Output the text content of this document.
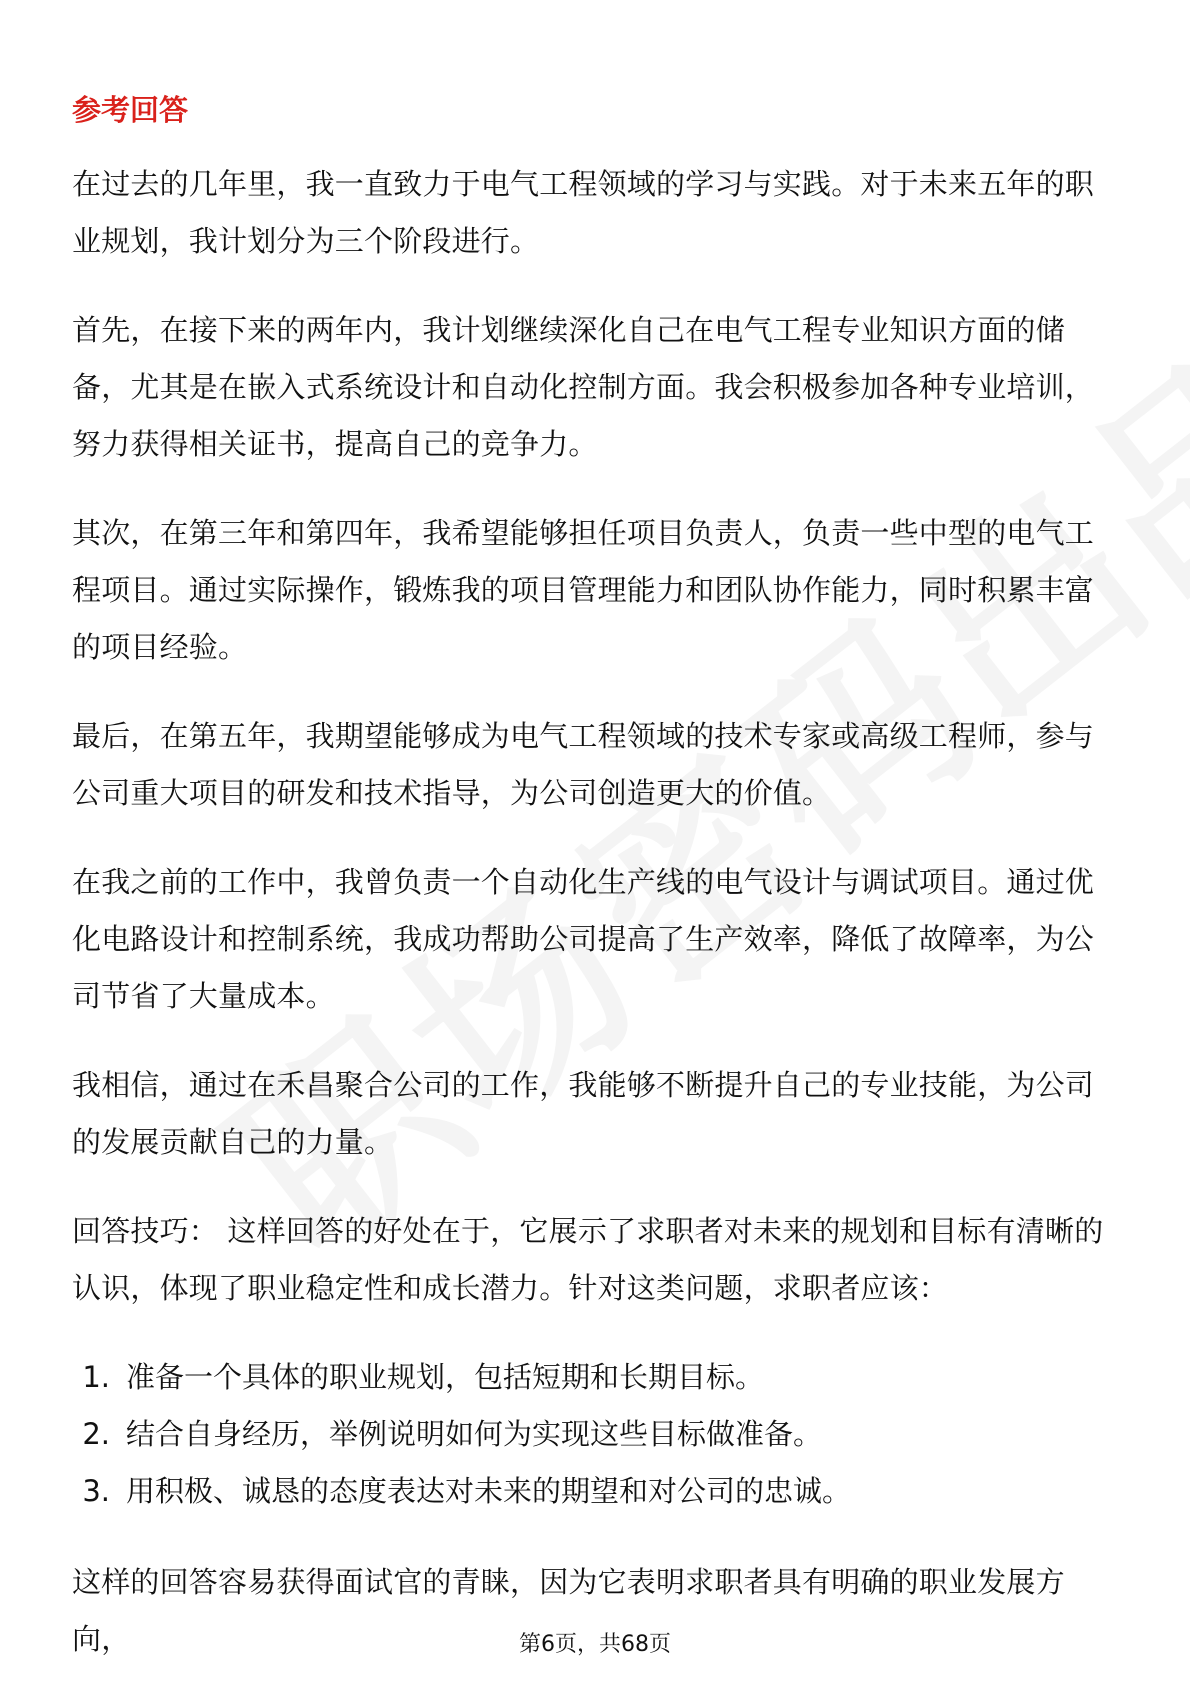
参考回答

在过去的几年里，我一直致力于电气工程领域的学习与实践。对于未来五年的职业规划，我计划分为三个阶段进行。

首先，在接下来的两年内，我计划继续深化自己在电气工程专业知识方面的储备，尤其是在嵌入式系统设计和自动化控制方面。我会积极参加各种专业培训，努力获得相关证书，提高自己的竞争力。

其次，在第三年和第四年，我希望能够担任项目负责人，负责一些中型的电气工程项目。通过实际操作，锻炼我的项目管理能力和团队协作能力，同时积累丰富的项目经验。

最后，在第五年，我期望能够成为电气工程领域的技术专家或高级工程师，参与公司重大项目的研发和技术指导，为公司创造更大的价值。

在我之前的工作中，我曾负责一个自动化生产线的电气设计与调试项目。通过优化电路设计和控制系统，我成功帮助公司提高了生产效率，降低了故障率，为公司节省了大量成本。

我相信，通过在禾昌聚合公司的工作，我能够不断提升自己的专业技能，为公司的发展贡献自己的力量。

回答技巧： 这样回答的好处在于，它展示了求职者对未来的规划和目标有清晰的认识，体现了职业稳定性和成长潜力。针对这类问题，求职者应该：

1. 准备一个具体的职业规划，包括短期和长期目标。
2. 结合自身经历，举例说明如何为实现这些目标做准备。
3. 用积极、诚恳的态度表达对未来的期望和对公司的忠诚。

这样的回答容易获得面试官的青睐，因为它表明求职者具有明确的职业发展方向，	第6页，共68页
